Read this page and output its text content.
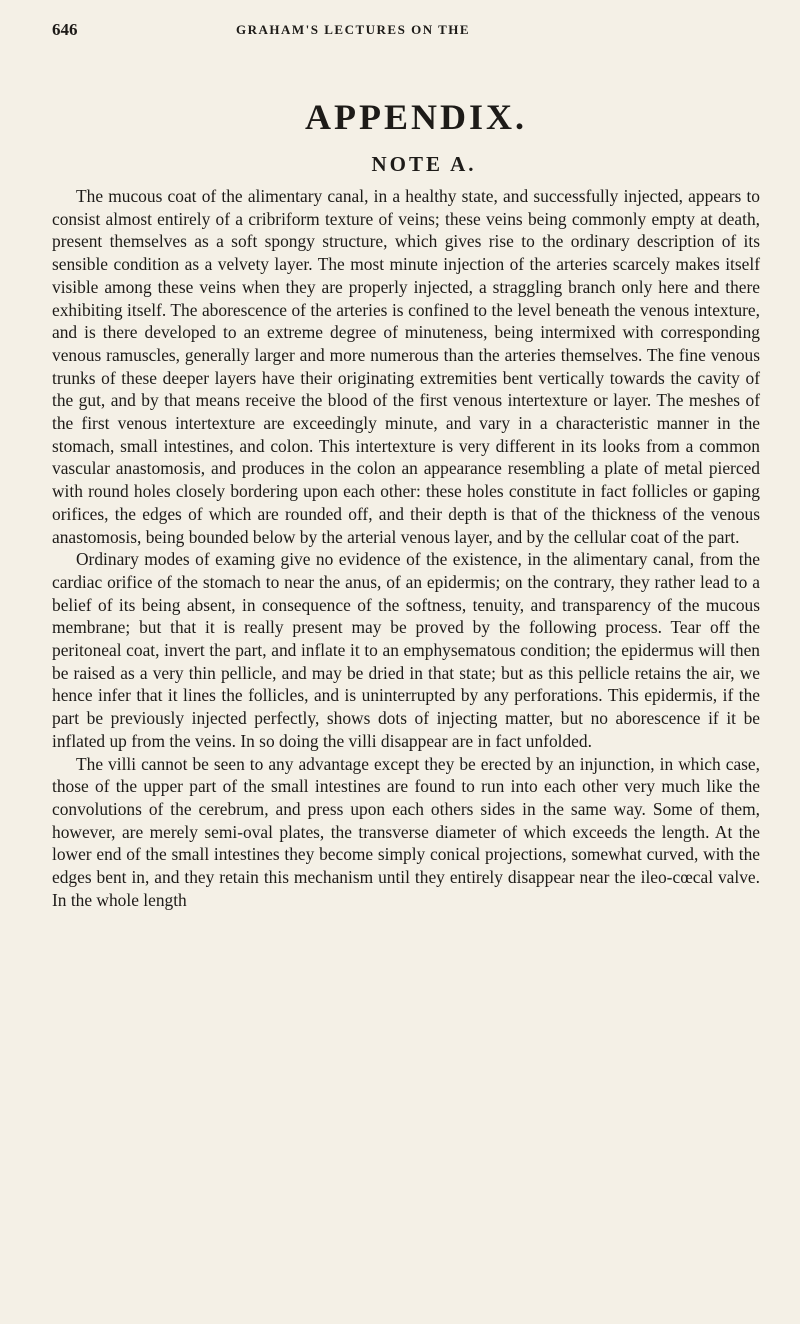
646	GRAHAM'S LECTURES ON THE
APPENDIX.
NOTE A.

The mucous coat of the alimentary canal, in a healthy state, and successfully injected, appears to consist almost entirely of a cribriform texture of veins; these veins being commonly empty at death, present themselves as a soft spongy structure, which gives rise to the ordinary description of its sensible condition as a velvety layer. The most minute injection of the arteries scarcely makes itself visible among these veins when they are properly injected, a straggling branch only here and there exhibiting itself. The aborescence of the arteries is confined to the level beneath the venous intexture, and is there developed to an extreme degree of minuteness, being intermixed with corresponding venous ramuscles, generally larger and more numerous than the arteries themselves. The fine venous trunks of these deeper layers have their originating extremities bent vertically towards the cavity of the gut, and by that means receive the blood of the first venous intertexture or layer. The meshes of the first venous intertexture are exceedingly minute, and vary in a characteristic manner in the stomach, small intestines, and colon. This intertexture is very different in its looks from a common vascular anastomosis, and produces in the colon an appearance resembling a plate of metal pierced with round holes closely bordering upon each other: these holes constitute in fact follicles or gaping orifices, the edges of which are rounded off, and their depth is that of the thickness of the venous anastomosis, being bounded below by the arterial venous layer, and by the cellular coat of the part.

Ordinary modes of examing give no evidence of the existence, in the alimentary canal, from the cardiac orifice of the stomach to near the anus, of an epidermis; on the contrary, they rather lead to a belief of its being absent, in consequence of the softness, tenuity, and transparency of the mucous membrane; but that it is really present may be proved by the following process. Tear off the peritoneal coat, invert the part, and inflate it to an emphysematous condition; the epidermus will then be raised as a very thin pellicle, and may be dried in that state; but as this pellicle retains the air, we hence infer that it lines the follicles, and is uninterrupted by any perforations. This epidermis, if the part be previously injected perfectly, shows dots of injecting matter, but no aborescence if it be inflated up from the veins. In so doing the villi disappear are in fact unfolded.

The villi cannot be seen to any advantage except they be erected by an injunction, in which case, those of the upper part of the small intestines are found to run into each other very much like the convolutions of the cerebrum, and press upon each others sides in the same way. Some of them, however, are merely semi-oval plates, the transverse diameter of which exceeds the length. At the lower end of the small intestines they become simply conical projections, somewhat curved, with the edges bent in, and they retain this mechanism until they entirely disappear near the ileo-cœcal valve. In the whole length
